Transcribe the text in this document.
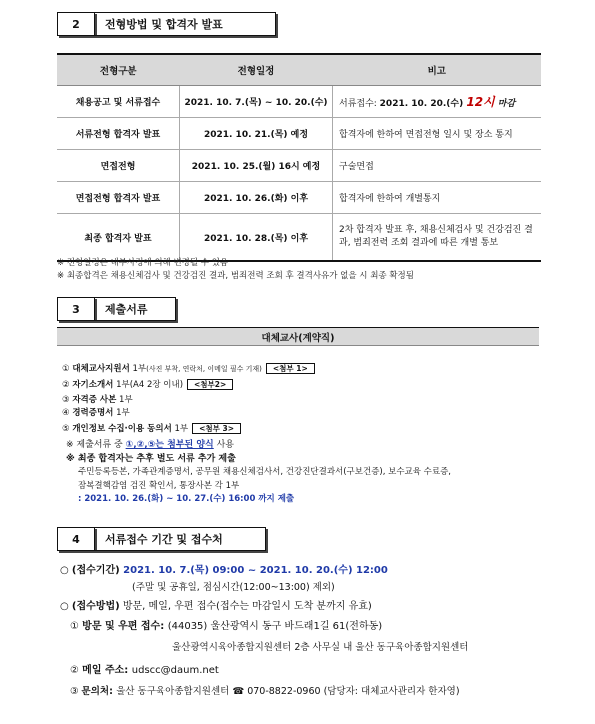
2	전형방법 및 합격자 발표
전형구분	전형일정	비고
채용공고 및 서류접수	2021. 10. 7.(목) ~ 10. 20.(수)	서류접수: 2021. 10. 20.(수) 12시 마감
서류전형 합격자 발표	2021. 10. 21.(목) 예정	합격자에 한하여 면접전형 일시 및 장소 통지
면접전형	2021. 10. 25.(월) 16시 예정	구술면접
면접전형 합격자 발표	2021. 10. 26.(화) 이후	합격자에 한하여 개별통지
최종 합격자 발표	2021. 10. 28.(목) 이후	2차 합격자 발표 후, 채용신체검사 및 건강검진 결과, 범죄전력 조회 결과에 따른 개별 통보
※ 전형일정은 내부사정에 의해 변경될 수 있음
※ 최종합격은 채용신체검사 및 건강검진 결과, 범죄전력 조회 후 결격사유가 없을 시 최종 확정됨
3	제출서류
대체교사(계약직)
① 대체교사지원서 1부(사진 부착, 연락처, 이메일 필수 기재) <첨부 1>
② 자기소개서 1부(A4 2장 이내) <첨부2>
③ 자격증 사본 1부
④ 경력증명서 1부
⑤ 개인정보 수집·이용 동의서 1부 <첨부 3>
※ 제출서류 중 ①,②,⑤는 첨부된 양식 사용
※ 최종 합격자는 추후 별도 서류 추가 제출
주민등록등본, 가족관계증명서, 공무원 채용신체검사서, 건강진단결과서(구보건증), 보수교육 수료증,
잠복결핵감염 검진 확인서, 통장사본 각 1부
: 2021. 10. 26.(화) ~ 10. 27.(수) 16:00 까지 제출
4	서류접수 기간 및 접수처
○ (접수기간) 2021. 10. 7.(목) 09:00 ~ 2021. 10. 20.(수) 12:00
(주말 및 공휴일, 점심시간(12:00~13:00) 제외)
○ (접수방법) 방문, 메일, 우편 접수(접수는 마감일시 도착 분까지 유효)
① 방문 및 우편 접수: (44035) 울산광역시 동구 바드래1길 61(전하동)
울산광역시육아종합지원센터 2층 사무실 내 울산 동구육아종합지원센터
② 메일 주소: udscc@daum.net
③ 문의처: 울산 동구육아종합지원센터 ☎ 070-8822-0960 (담당자: 대체교사관리자 한자영)
